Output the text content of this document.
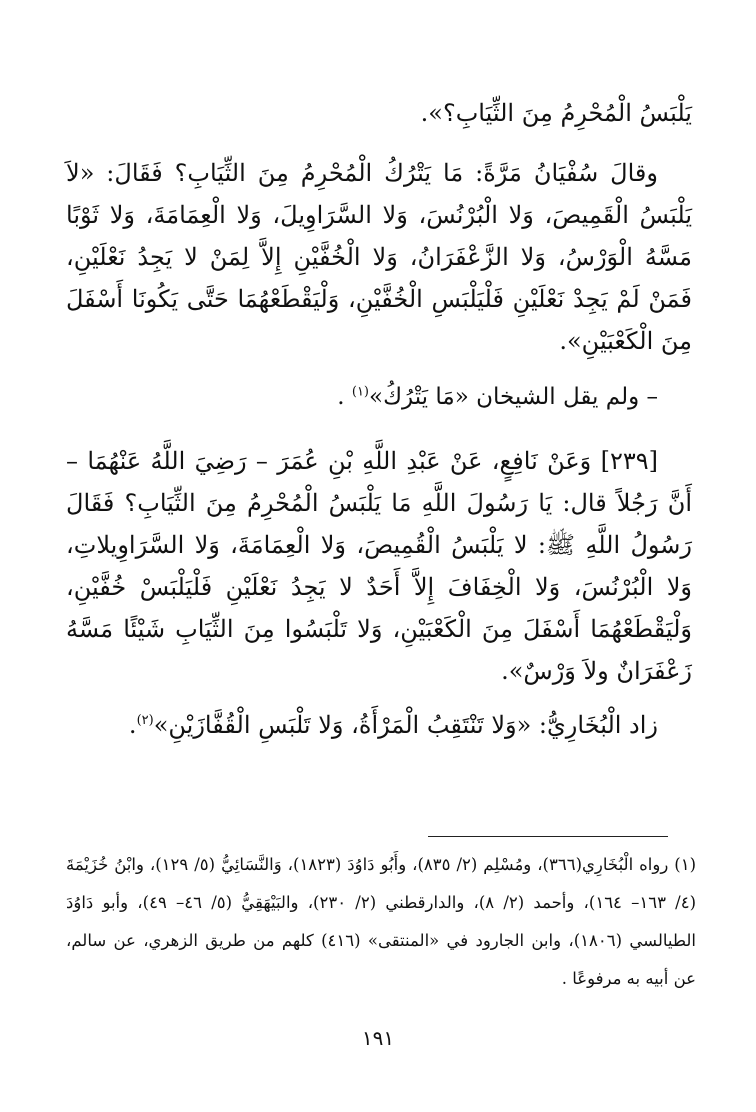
يَلْبَسُ الْمُحْرِمُ مِنَ الثِّيَابِ؟».

وقالَ سُفْيَانُ مَرَّةً: مَا يَتْرُكُ الْمُحْرِمُ مِنَ الثِّيَابِ؟ فَقَالَ: «لاَ يَلْبَسُ الْقَمِيصَ، وَلا الْبُرْنُسَ، وَلا السَّرَاوِيلَ، وَلا الْعِمَامَةَ، وَلا ثَوْبًا مَسَّهُ الْوَرْسُ، وَلا الزَّعْفَرَانُ، وَلا الْخُفَّيْنِ إِلاَّ لِمَنْ لا يَجِدُ نَعْلَيْنِ، فَمَنْ لَمْ يَجِدْ نَعْلَيْنِ فَلْيَلْبَسِ الْخُفَّيْنِ، وَلْيَقْطَعْهُمَا حَتَّى يَكُونَا أَسْفَلَ مِنَ الْكَعْبَيْنِ».

– ولم يقل الشيخان «مَا يَتْرُكُ»$^{(١)}$ .

[٢٣٩] وَعَنْ نَافِعٍ، عَنْ عَبْدِ اللَّهِ بْنِ عُمَرَ – رَضِيَ اللَّهُ عَنْهُمَا – أَنَّ رَجُلاً قال: يَا رَسُولَ اللَّهِ مَا يَلْبَسُ الْمُحْرِمُ مِنَ الثِّيَابِ؟ فَقَالَ رَسُولُ اللَّهِ ﷺ: لا يَلْبَسُ الْقُمِيصَ، وَلا الْعِمَامَةَ، وَلا السَّرَاوِيلاتِ، وَلا الْبُرْنُسَ، وَلا الْخِفَافَ إِلاَّ أَحَدٌ لا يَجِدُ نَعْلَيْنِ فَلْيَلْبَسْ خُفَّيْنِ، وَلْيَقْطَعْهُمَا أَسْفَلَ مِنَ الْكَعْبَيْنِ، وَلا تَلْبَسُوا مِنَ الثِّيَابِ شَيْئًا مَسَّهُ زَعْفَرَانٌ ولاَ وَرْسٌ».

زاد الْبُخَارِيُّ: «وَلا تَنْتَقِبُ الْمَرْأَةُ، وَلا تَلْبَسِ الْقُفَّازَيْنِ»$^{(٢)}$.

(١) رواه الْبُخَارِي(٣٦٦)، ومُسْلِم (٢/ ٨٣٥)، وأَبُو دَاوُدَ (١٨٢٣)، وَالنَّسَائِيُّ (٥/ ١٢٩)، وابْنُ خُزَيْمَةَ (٤/ ١٦٣– ١٦٤)، وأحمد (٢/ ٨)، والدارقطني (٢/ ٢٣٠)، والبَيْهَقِيُّ (٥/ ٤٦– ٤٩)، وأبو دَاوُدَ الطيالسي (١٨٠٦)، وابن الجارود في «المنتقى» (٤١٦) كلهم من طريق الزهري، عن سالم، عن أبيه به مرفوعًا .

١٩١
